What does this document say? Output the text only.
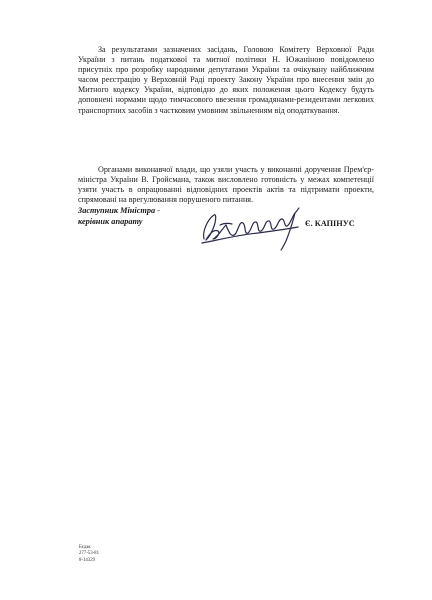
За результатами зазначених засідань, Головою Комітету Верховної Ради України з питань податкової та митної політики Н. Южаніною повідомлено присутніх про розробку народними депутатами України та очікувану найближчим часом реєстрацію у Верховній Раді проекту Закону України про внесення змін до Митного кодексу України, відповідно до яких положення цього Кодексу будуть доповнені нормами щодо тимчасового ввезення громадянами-резидентами легкових транспортних засобів з частковим умовним звільненням від оподаткування.

Органами виконавчої влади, що узяли участь у виконанні доручення Прем'єр-міністра України В. Гройсмана, також висловлено готовність у межах компетенції узяти участь в опрацюванні відповідних проектів актів та підтримати проекти, спрямовані на врегулювання порушеного питання.

Заступник Міністра -
керівник апарату	Є. КАПІНУС
Бєдак
277-53-81
8-14329
